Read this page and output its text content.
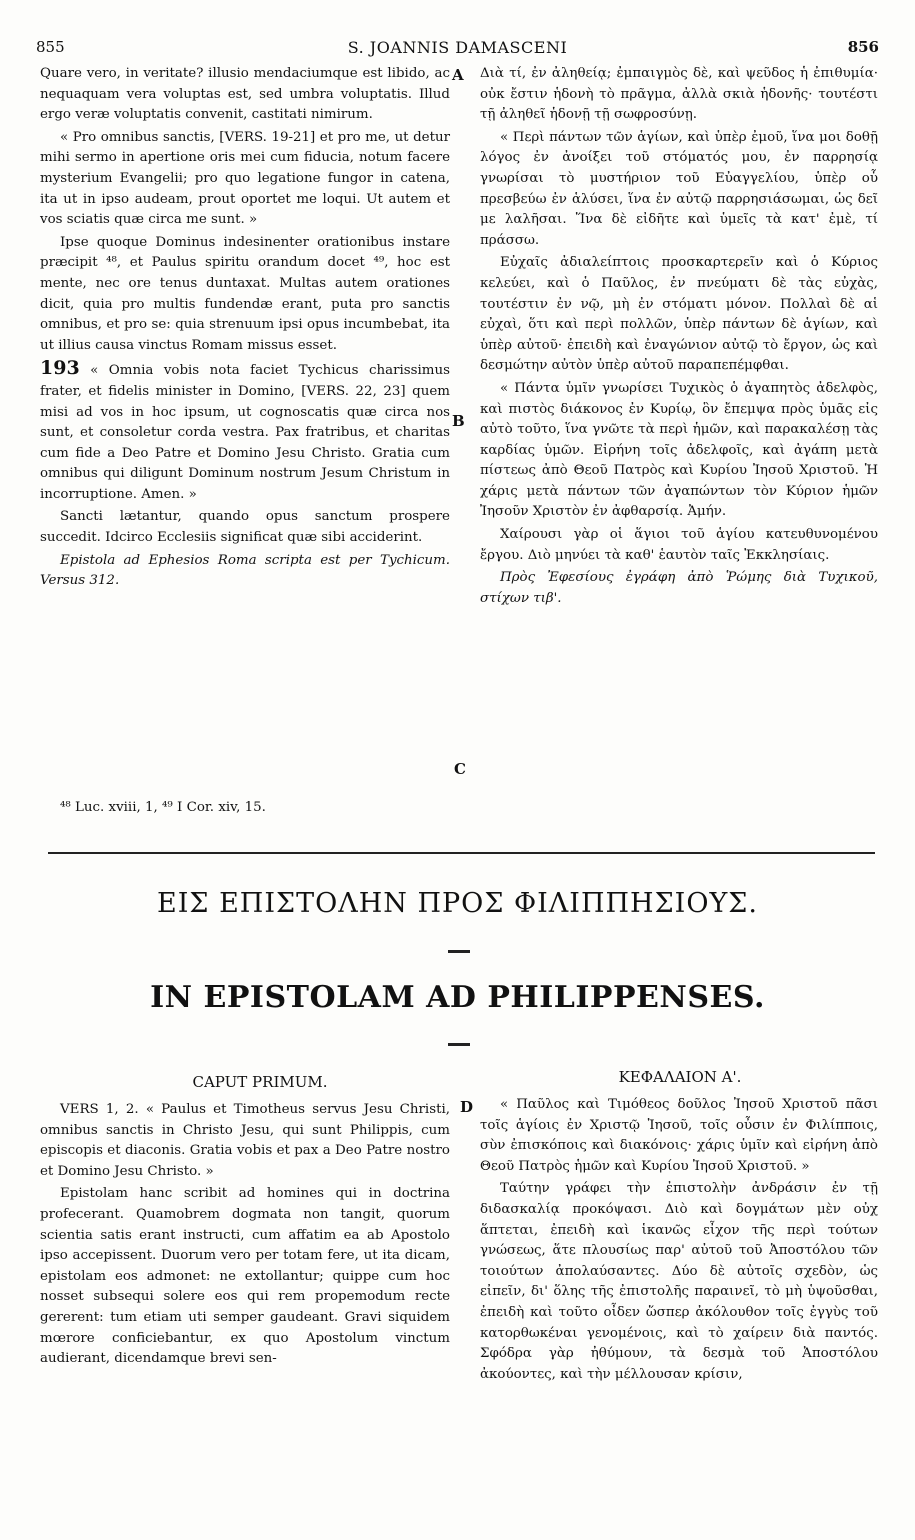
855	S. JOANNIS DAMASCENI	856

Quare vero, in veritate? illusio mendaciumque est libido, ac nequaquam vera voluptas est, sed umbra voluptatis. Illud ergo veræ voluptatis convenit, castitati nimirum.

« Pro omnibus sanctis, [VERS. 19-21] et pro me, ut detur mihi sermo in apertione oris mei cum fiducia, notum facere mysterium Evangelii; pro quo legatione fungor in catena, ita ut in ipso audeam, prout oportet me loqui. Ut autem et vos sciatis quæ circa me sunt. »

Ipse quoque Dominus indesinenter orationibus instare præcipit ⁴⁸, et Paulus spiritu orandum docet ⁴⁹, hoc est mente, nec ore tenus duntaxat. Multas autem orationes dicit, quia pro multis fundendæ erant, puta pro sanctis omnibus, et pro se: quia strenuum ipsi opus incumbebat, ita ut illius causa vinctus Romam missus esset.

193 « Omnia vobis nota faciet Tychicus charissimus frater, et fidelis minister in Domino, [VERS. 22, 23] quem misi ad vos in hoc ipsum, ut cognoscatis quæ circa nos sunt, et consoletur corda vestra. Pax fratribus, et charitas cum fide a Deo Patre et Domino Jesu Christo. Gratia cum omnibus qui diligunt Dominum nostrum Jesum Christum in incorruptione. Amen. »

Sancti lætantur, quando opus sanctum prospere succedit. Idcirco Ecclesiis significat quæ sibi acciderint.

Epistola ad Ephesios Roma scripta est per Tychicum. Versus 312.

Διὰ τί, ἐν ἀληθείᾳ; ἐμπαιγμὸς δὲ, καὶ ψεῦδος ἡ ἐπιθυμία· οὐκ ἔστιν ἡδονὴ τὸ πρᾶγμα, ἀλλὰ σκιὰ ἡδονῆς· τουτέστι τῇ ἀληθεῖ ἡδονῇ τῇ σωφροσύνῃ.

« Περὶ πάντων τῶν ἁγίων, καὶ ὑπὲρ ἐμοῦ, ἵνα μοι δοθῇ λόγος ἐν ἀνοίξει τοῦ στόματός μου, ἐν παρρησίᾳ γνωρίσαι τὸ μυστήριον τοῦ Εὐαγγελίου, ὑπὲρ οὗ πρεσβεύω ἐν ἁλύσει, ἵνα ἐν αὐτῷ παρρησιάσωμαι, ὡς δεῖ με λαλῆσαι. Ἵνα δὲ εἰδῆτε καὶ ὑμεῖς τὰ κατ' ἐμὲ, τί πράσσω.

Εὐχαῖς ἀδιαλείπτοις προσκαρτερεῖν καὶ ὁ Κύριος κελεύει, καὶ ὁ Παῦλος, ἐν πνεύματι δὲ τὰς εὐχὰς, τουτέστιν ἐν νῷ, μὴ ἐν στόματι μόνον. Πολλαὶ δὲ αἱ εὐχαὶ, ὅτι καὶ περὶ πολλῶν, ὑπὲρ πάντων δὲ ἁγίων, καὶ ὑπὲρ αὐτοῦ· ἐπειδὴ καὶ ἐναγώνιον αὐτῷ τὸ ἔργον, ὡς καὶ δεσμώτην αὐτὸν ὑπὲρ αὐτοῦ παραπεπέμφθαι.

« Πάντα ὑμῖν γνωρίσει Τυχικὸς ὁ ἀγαπητὸς ἀδελφὸς, καὶ πιστὸς διάκονος ἐν Κυρίῳ, ὃν ἔπεμψα πρὸς ὑμᾶς εἰς αὐτὸ τοῦτο, ἵνα γνῶτε τὰ περὶ ἡμῶν, καὶ παρακαλέσῃ τὰς καρδίας ὑμῶν. Εἰρήνη τοῖς ἀδελφοῖς, καὶ ἀγάπη μετὰ πίστεως ἀπὸ Θεοῦ Πατρὸς καὶ Κυρίου Ἰησοῦ Χριστοῦ. Ἡ χάρις μετὰ πάντων τῶν ἀγαπώντων τὸν Κύριον ἡμῶν Ἰησοῦν Χριστὸν ἐν ἀφθαρσίᾳ. Ἀμήν.

Χαίρουσι γὰρ οἱ ἅγιοι τοῦ ἁγίου κατευθυνομένου ἔργου. Διὸ μηνύει τὰ καθ' ἑαυτὸν ταῖς Ἐκκλησίαις.

Πρὸς Ἐφεσίους ἐγράφη ἀπὸ Ῥώμης διὰ Τυχικοῦ, στίχων τιβ'.

A
B
C
D
⁴⁸ Luc. xviii, 1, ⁴⁹ I Cor. xiv, 15.
ΕΙΣ ΕΠΙΣΤΟΛΗΝ ΠΡΟΣ ΦΙΛΙΠΠΗΣΙΟΥΣ.
IN EPISTOLAM AD PHILIPPENSES.
CAPUT PRIMUM.	ΚΕΦΑΛΑΙΟΝ Α'.

VERS 1, 2. « Paulus et Timotheus servus Jesu Christi, omnibus sanctis in Christo Jesu, qui sunt Philippis, cum episcopis et diaconis. Gratia vobis et pax a Deo Patre nostro et Domino Jesu Christo. »

Epistolam hanc scribit ad homines qui in doctrina profecerant. Quamobrem dogmata non tangit, quorum scientia satis erant instructi, cum affatim ea ab Apostolo ipso accepissent. Duorum vero per totam fere, ut ita dicam, epistolam eos admonet: ne extollantur; quippe cum hoc nosset subsequi solere eos qui rem propemodum recte gererent: tum etiam uti semper gaudeant. Gravi siquidem mœrore conficiebantur, ex quo Apostolum vinctum audierant, dicendamque brevi sen-

« Παῦλος καὶ Τιμόθεος δοῦλος Ἰησοῦ Χριστοῦ πᾶσι τοῖς ἁγίοις ἐν Χριστῷ Ἰησοῦ, τοῖς οὖσιν ἐν Φιλίπποις, σὺν ἐπισκόποις καὶ διακόνοις· χάρις ὑμῖν καὶ εἰρήνη ἀπὸ Θεοῦ Πατρὸς ἡμῶν καὶ Κυρίου Ἰησοῦ Χριστοῦ. »

Ταύτην γράφει τὴν ἐπιστολὴν ἀνδράσιν ἐν τῇ διδασκαλίᾳ προκόψασι. Διὸ καὶ δογμάτων μὲν οὐχ ἅπτεται, ἐπειδὴ καὶ ἱκανῶς εἶχον τῆς περὶ τούτων γνώσεως, ἅτε πλουσίως παρ' αὐτοῦ τοῦ Ἀποστόλου τῶν τοιούτων ἀπολαύσαντες. Δύο δὲ αὐτοῖς σχεδὸν, ὡς εἰπεῖν, δι' ὅλης τῆς ἐπιστολῆς παραινεῖ, τὸ μὴ ὑψοῦσθαι, ἐπειδὴ καὶ τοῦτο οἶδεν ὥσπερ ἀκόλουθον τοῖς ἐγγὺς τοῦ κατορθωκέναι γενομένοις, καὶ τὸ χαίρειν διὰ παντός. Σφόδρα γὰρ ἠθύμουν, τὰ δεσμὰ τοῦ Ἀποστόλου ἀκούοντες, καὶ τὴν μέλλουσαν κρίσιν,
